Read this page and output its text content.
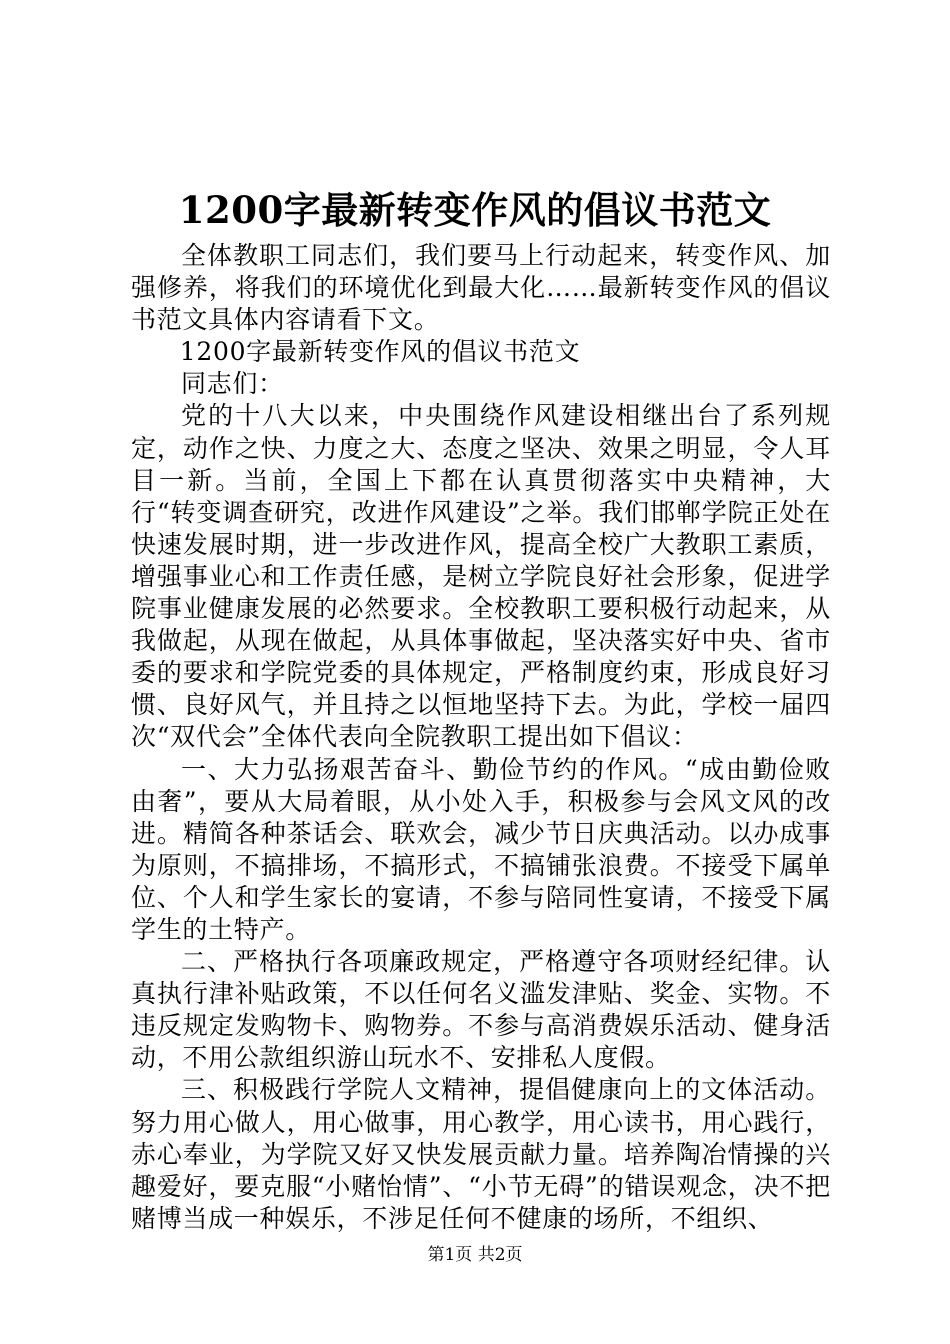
1200字最新转变作风的倡议书范文

全体教职工同志们，我们要马上行动起来，转变作风、加强修养，将我们的环境优化到最大化……最新转变作风的倡议书范文具体内容请看下文。

1200字最新转变作风的倡议书范文

同志们：

党的十八大以来，中央围绕作风建设相继出台了系列规定，动作之快、力度之大、态度之坚决、效果之明显，令人耳目一新。当前，全国上下都在认真贯彻落实中央精神，大行“转变调查研究，改进作风建设”之举。我们邯郸学院正处在快速发展时期，进一步改进作风，提高全校广大教职工素质，增强事业心和工作责任感，是树立学院良好社会形象，促进学院事业健康发展的必然要求。全校教职工要积极行动起来，从我做起，从现在做起，从具体事做起，坚决落实好中央、省市委的要求和学院党委的具体规定，严格制度约束，形成良好习惯、良好风气，并且持之以恒地坚持下去。为此，学校一届四次“双代会”全体代表向全院教职工提出如下倡议：

一、大力弘扬艰苦奋斗、勤俭节约的作风。“成由勤俭败由奢”，要从大局着眼，从小处入手，积极参与会风文风的改进。精简各种茶话会、联欢会，减少节日庆典活动。以办成事为原则，不搞排场，不搞形式，不搞铺张浪费。不接受下属单位、个人和学生家长的宴请，不参与陪同性宴请，不接受下属学生的土特产。

二、严格执行各项廉政规定，严格遵守各项财经纪律。认真执行津补贴政策，不以任何名义滥发津贴、奖金、实物。不违反规定发购物卡、购物券。不参与高消费娱乐活动、健身活动，不用公款组织游山玩水不、安排私人度假。

三、积极践行学院人文精神，提倡健康向上的文体活动。努力用心做人，用心做事，用心教学，用心读书，用心践行，赤心奉业，为学院又好又快发展贡献力量。培养陶冶情操的兴趣爱好，要克服“小赌怡情”、“小节无碍”的错误观念，决不把赌博当成一种娱乐，不涉足任何不健康的场所，不组织、

第1页 共2页
